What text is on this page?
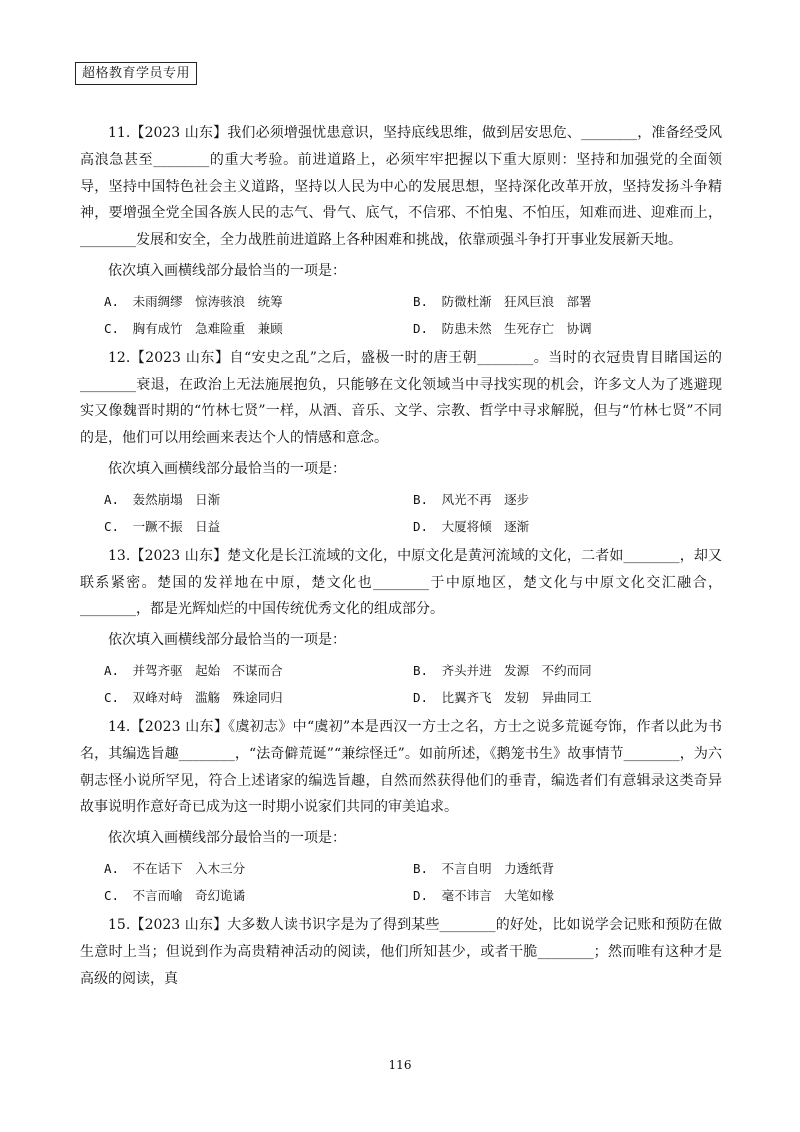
超格教育学员专用

11.【2023 山东】我们必须增强忧患意识，坚持底线思维，做到居安思危、________，准备经受风高浪急甚至________的重大考验。前进道路上，必须牢牢把握以下重大原则：坚持和加强党的全面领导，坚持中国特色社会主义道路，坚持以人民为中心的发展思想，坚持深化改革开放，坚持发扬斗争精神，要增强全党全国各族人民的志气、骨气、底气，不信邪、不怕鬼、不怕压，知难而进、迎难而上，________发展和安全，全力战胜前进道路上各种困难和挑战，依靠顽强斗争打开事业发展新天地。

依次填入画横线部分最恰当的一项是：

A. 未雨绸缪　惊涛骇浪　统筹	B. 防微杜渐　狂风巨浪　部署
C. 胸有成竹　急难险重　兼顾	D. 防患未然　生死存亡　协调

12.【2023 山东】自“安史之乱”之后，盛极一时的唐王朝________。当时的衣冠贵胄目睹国运的________衰退，在政治上无法施展抱负，只能够在文化领域当中寻找实现的机会，许多文人为了逃避现实又像魏晋时期的“竹林七贤”一样，从酒、音乐、文学、宗教、哲学中寻求解脱，但与“竹林七贤”不同的是，他们可以用绘画来表达个人的情感和意念。

依次填入画横线部分最恰当的一项是：

A. 轰然崩塌　日渐	B. 风光不再　逐步
C. 一蹶不振　日益	D. 大厦将倾　逐渐

13.【2023 山东】楚文化是长江流域的文化，中原文化是黄河流域的文化，二者如________，却又联系紧密。楚国的发祥地在中原，楚文化也________于中原地区，楚文化与中原文化交汇融合，________，都是光辉灿烂的中国传统优秀文化的组成部分。

依次填入画横线部分最恰当的一项是：

A. 并驾齐驱　起始　不谋而合	B. 齐头并进　发源　不约而同
C. 双峰对峙　滥觞　殊途同归	D. 比翼齐飞　发轫　异曲同工

14.【2023 山东】《虞初志》中“虞初”本是西汉一方士之名，方士之说多荒诞夸饰，作者以此为书名，其编选旨趣________，“法奇僻荒诞”“兼综怪迁”。如前所述，《鹅笼书生》故事情节________，为六朝志怪小说所罕见，符合上述诸家的编选旨趣，自然而然获得他们的垂青，编选者们有意辑录这类奇异故事说明作意好奇已成为这一时期小说家们共同的审美追求。

依次填入画横线部分最恰当的一项是：

A. 不在话下　入木三分	B. 不言自明　力透纸背
C. 不言而喻　奇幻诡谲	D. 毫不讳言　大笔如椽

15.【2023 山东】大多数人读书识字是为了得到某些________的好处，比如说学会记账和预防在做生意时上当；但说到作为高贵精神活动的阅读，他们所知甚少，或者干脆________；然而唯有这种才是高级的阅读，真

116
